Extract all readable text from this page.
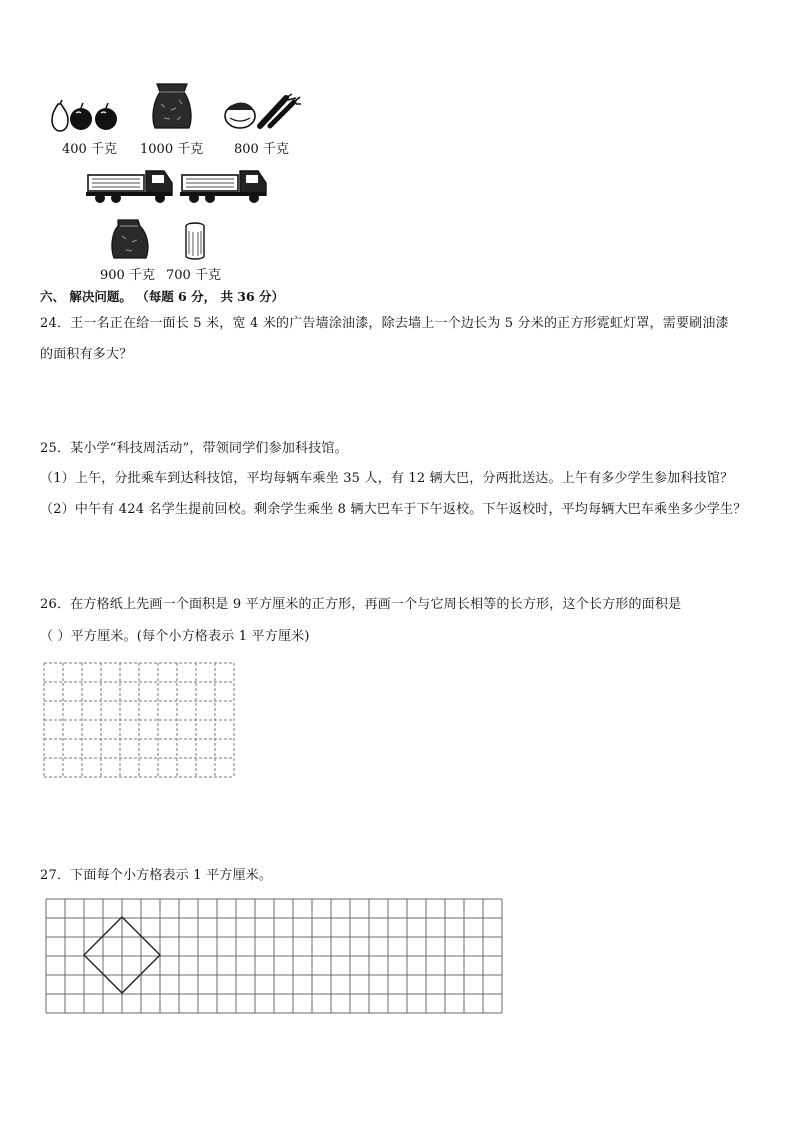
400 千克 1000 千克 800 千克
900 千克 700 千克
六、 解决问题。 （每题 6 分， 共 36 分）
24．王一名正在给一面长 5 米，宽 4 米的广告墙涂油漆，除去墙上一个边长为 5 分米的正方形霓虹灯罩，需要刷油漆
的面积有多大？
25．某小学“科技周活动”，带领同学们参加科技馆。
（1）上午，分批乘车到达科技馆，平均每辆车乘坐 35 人，有 12 辆大巴，分两批送达。上午有多少学生参加科技馆？
（2）中午有 424 名学生提前回校。剩余学生乘坐 8 辆大巴车于下午返校。下午返校时，平均每辆大巴车乘坐多少学生？
26．在方格纸上先画一个面积是 9 平方厘米的正方形，再画一个与它周长相等的长方形，这个长方形的面积是
（ ）平方厘米。(每个小方格表示 1 平方厘米)
27．下面每个小方格表示 1 平方厘米。
